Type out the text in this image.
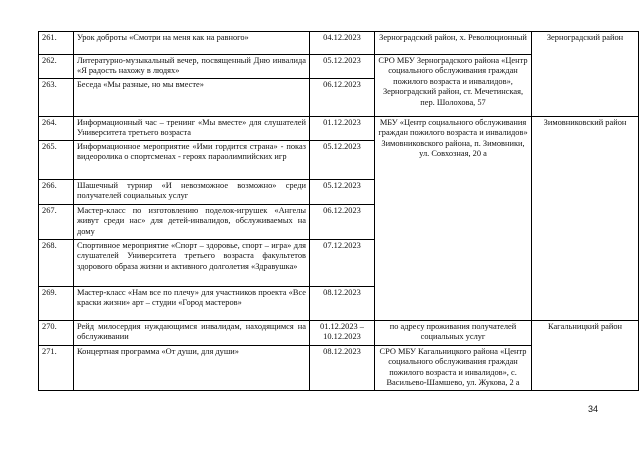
261.	Урок доброты «Смотри на меня как на равного»	04.12.2023	Зерноградский район, х. Революционный	Зерноградский район
262.	Литературно-музыкальный вечер, посвященный Дню инвалида «Я радость нахожу в людях»	05.12.2023	СРО МБУ Зерноградского района «Центр социального обслуживания граждан пожилого возраста и инвалидов», Зерноградский район, ст. Мечетинская, пер. Шолохова, 57	
263.	Беседа «Мы разные, но мы вместе»	06.12.2023		
264.	Информационный час – тренинг «Мы вместе» для слушателей Университета третьего возраста	01.12.2023	МБУ «Центр социального обслуживания граждан пожилого возраста и инвалидов» Зимовниковского района, п. Зимовники, ул. Совхозная, 20 а	Зимовниковский район
265.	Информационное мероприятие «Ими гордится страна» - показ видеоролика о спортсменах - героях параолимпийских игр	05.12.2023		
266.	Шашечный турнир «И невозможное возможно» среди получателей социальных услуг	05.12.2023		
267.	Мастер-класс по изготовлению поделок-игрушек «Ангелы живут среди нас» для детей-инвалидов, обслуживаемых на дому	06.12.2023		
268.	Спортивное мероприятие «Спорт – здоровье, спорт – игра» для слушателей Университета третьего возраста факультетов здорового образа жизни и активного долголетия «Здравушка»	07.12.2023		
269.	Мастер-класс «Нам все по плечу» для участников проекта «Все краски жизни» арт – студии «Город мастеров»	08.12.2023		
270.	Рейд милосердия нуждающимся инвалидам, находящимся на обслуживании	01.12.2023 – 10.12.2023	по адресу проживания получателей социальных услуг	Кагальницкий район
271.	Концертная программа «От души, для души»	08.12.2023	СРО МБУ Кагальницкого района «Центр социального обслуживания граждан пожилого возраста и инвалидов», с. Васильево-Шамшево, ул. Жукова, 2 а	
34
